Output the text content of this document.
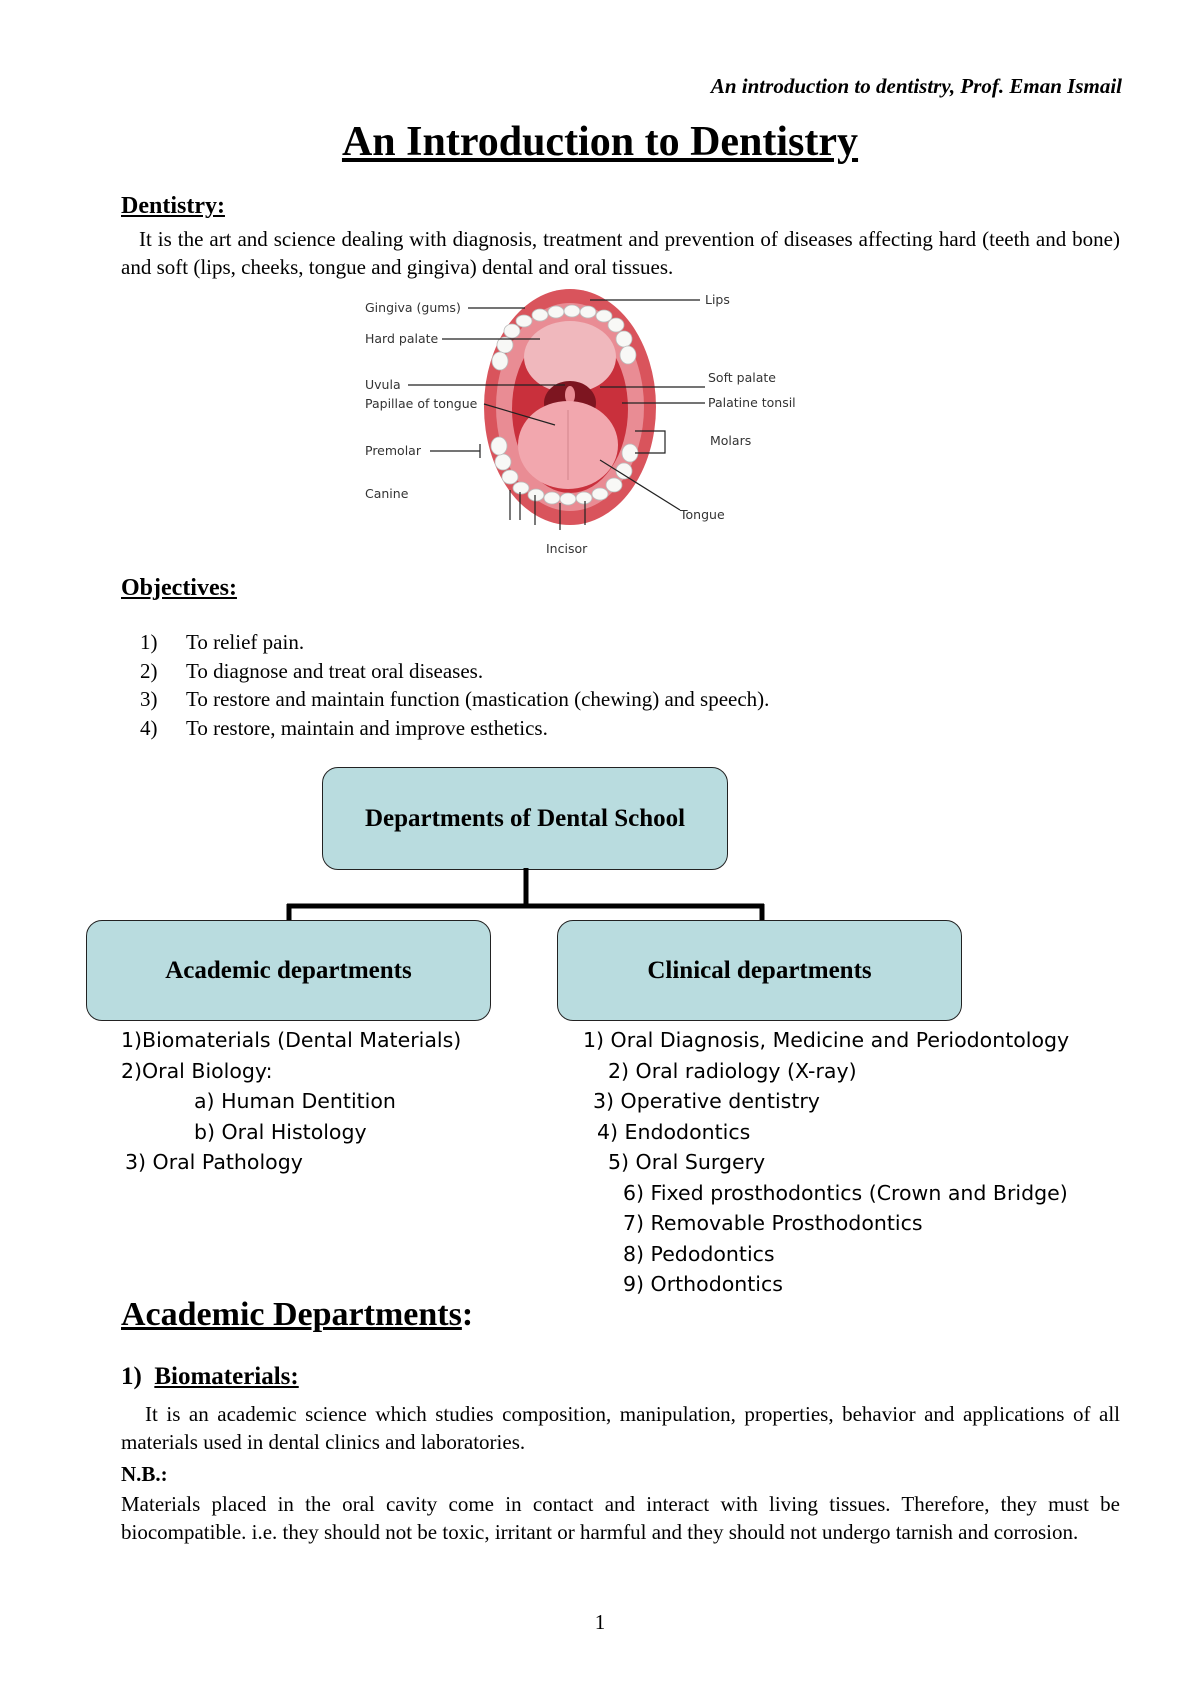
An introduction to dentistry, Prof. Eman Ismail
An Introduction to Dentistry
Dentistry:
It is the art and science dealing with diagnosis, treatment and prevention of diseases affecting hard (teeth and bone) and soft (lips, cheeks, tongue and gingiva) dental and oral tissues.
Gingiva (gums)
Hard palate
Uvula
Papillae of tongue
Premolar
Canine
Incisor
Lips
Soft palate
Palatine tonsil
Molars
Tongue
Objectives:
1) To relief pain.
2) To diagnose and treat oral diseases.
3) To restore and maintain function (mastication (chewing) and speech).
4) To restore, maintain and improve esthetics.
Departments of Dental School
Academic departments	Clinical departments
1)Biomaterials (Dental Materials)
2)Oral Biology:
a) Human Dentition
b) Oral Histology
3) Oral Pathology
1) Oral Diagnosis, Medicine and Periodontology
2) Oral radiology (X-ray)
3) Operative dentistry
4) Endodontics
5) Oral Surgery
6) Fixed prosthodontics (Crown and Bridge)
7) Removable Prosthodontics
8) Pedodontics
9) Orthodontics
Academic Departments:
1) Biomaterials:
It is an academic science which studies composition, manipulation, properties, behavior and applications of all materials used in dental clinics and laboratories.
N.B.:
Materials placed in the oral cavity come in contact and interact with living tissues. Therefore, they must be biocompatible. i.e. they should not be toxic, irritant or harmful and they should not undergo tarnish and corrosion.
1
